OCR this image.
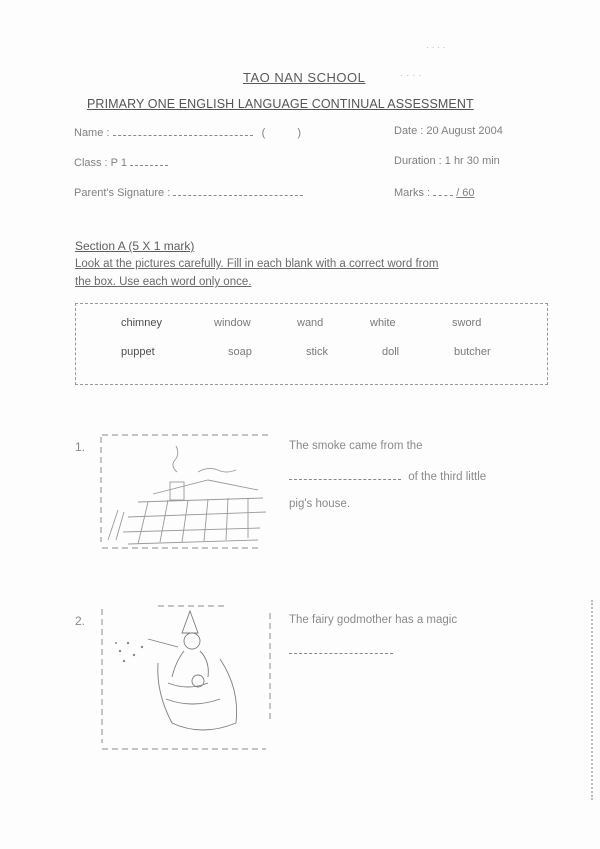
· · · ·
TAO NAN SCHOOL	· · · ·
PRIMARY ONE ENGLISH LANGUAGE CONTINUAL ASSESSMENT
Name :	(	)	Date : 20 August 2004
Class : P 1	Duration : 1 hr 30 min
Parent's Signature :	Marks : / 60
Section A (5 X 1 mark)
Look at the pictures carefully. Fill in each blank with a correct word from
the box. Use each word only once.
chimney	window	wand	white	sword
puppet	soap	stick	doll	butcher
1.	The smoke came from the
of the third little
pig's house.
2.	The fairy godmother has a magic
